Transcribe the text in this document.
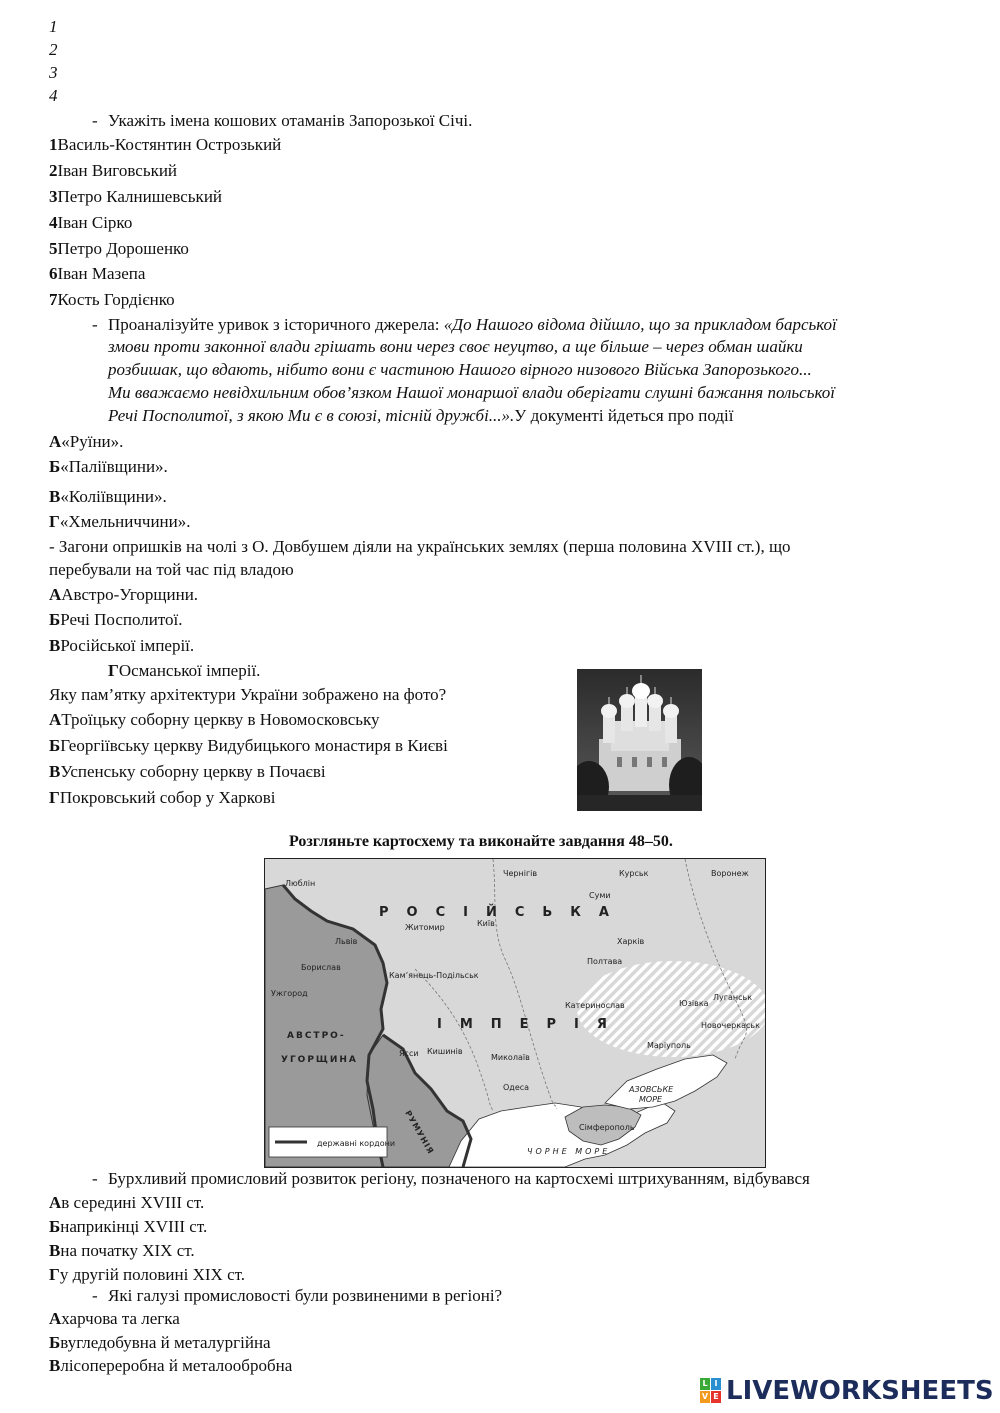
1
2
3
4
- Укажіть імена кошових отаманів Запорозької Січі.
1Василь-Костянтин Острозький
2Іван Виговський
3Петро Калнишевський
4Іван Сірко
5Петро Дорошенко
6Іван Мазепа
7Кость Гордієнко
- Проаналізуйте уривок з історичного джерела: «До Нашого відома дійшло, що за прикладом барської
змови проти законної влади грішать вони через своє неуцтво, а ще більше – через обман шайки
розбишак, що вдають, нібито вони є частиною Нашого вірного низового Війська Запорозького...
Ми вважаємо невідхильним обов’язком Нашої монаршої влади оберігати слушні бажання польської
Речі Посполитої, з якою Ми є в союзі, тісній дружбі...».У документі йдеться про події
А«Руїни».
Б«Паліївщини».
В«Коліївщини».
Г«Хмельниччини».
- Загони опришків на чолі з О. Довбушем діяли на українських землях (перша половина XVIII ст.), що
перебували на той час під владою
ААвстро-Угорщини.
БРечі Посполитої.
ВРосійської імперії.
ГОсманської імперії.
Яку пам’ятку архітектури України зображено на фото?
АТроїцьку соборну церкву в Новомосковську
БГеоргіївську церкву Видубицького монастиря в Києві
ВУспенську соборну церкву в Почаєві
ГПокровський собор у Харкові
Розгляньте картосхему та виконайте завдання 48–50.
РОСІЙСЬКА
ІМПЕРІЯ
АВСТРО-
УГОРЩИНА
РУМУНІЯ
АЗОВСЬКЕ
МОРЕ
ЧОРНЕ МОРЕ
державні кордони
Люблін
Чернігів	Курськ	Воронеж
Суми
Київ
Житомир
Харків
Львів
Полтава
Борислав
Кам’янець-Подільськ
Катеринослав	Юзівка
Луганськ
Ужгород
Новочеркаськ
Маріуполь
Кишинів
Миколаїв
Ясси
Одеса
Сімферополь
- Бурхливий промисловий розвиток регіону, позначеного на картосхемі штрихуванням, відбувався
Ав середині XVIII ст.
Бнаприкінці XVIII ст.
Вна початку XIX ст.
Гу другій половині XIX ст.
- Які галузі промисловості були розвиненими в регіоні?
Ахарчова та легка
Бвугледобувна й металургійна
Влісопереробна й металообробна
L I
V E LIVEWORKSHEETS
